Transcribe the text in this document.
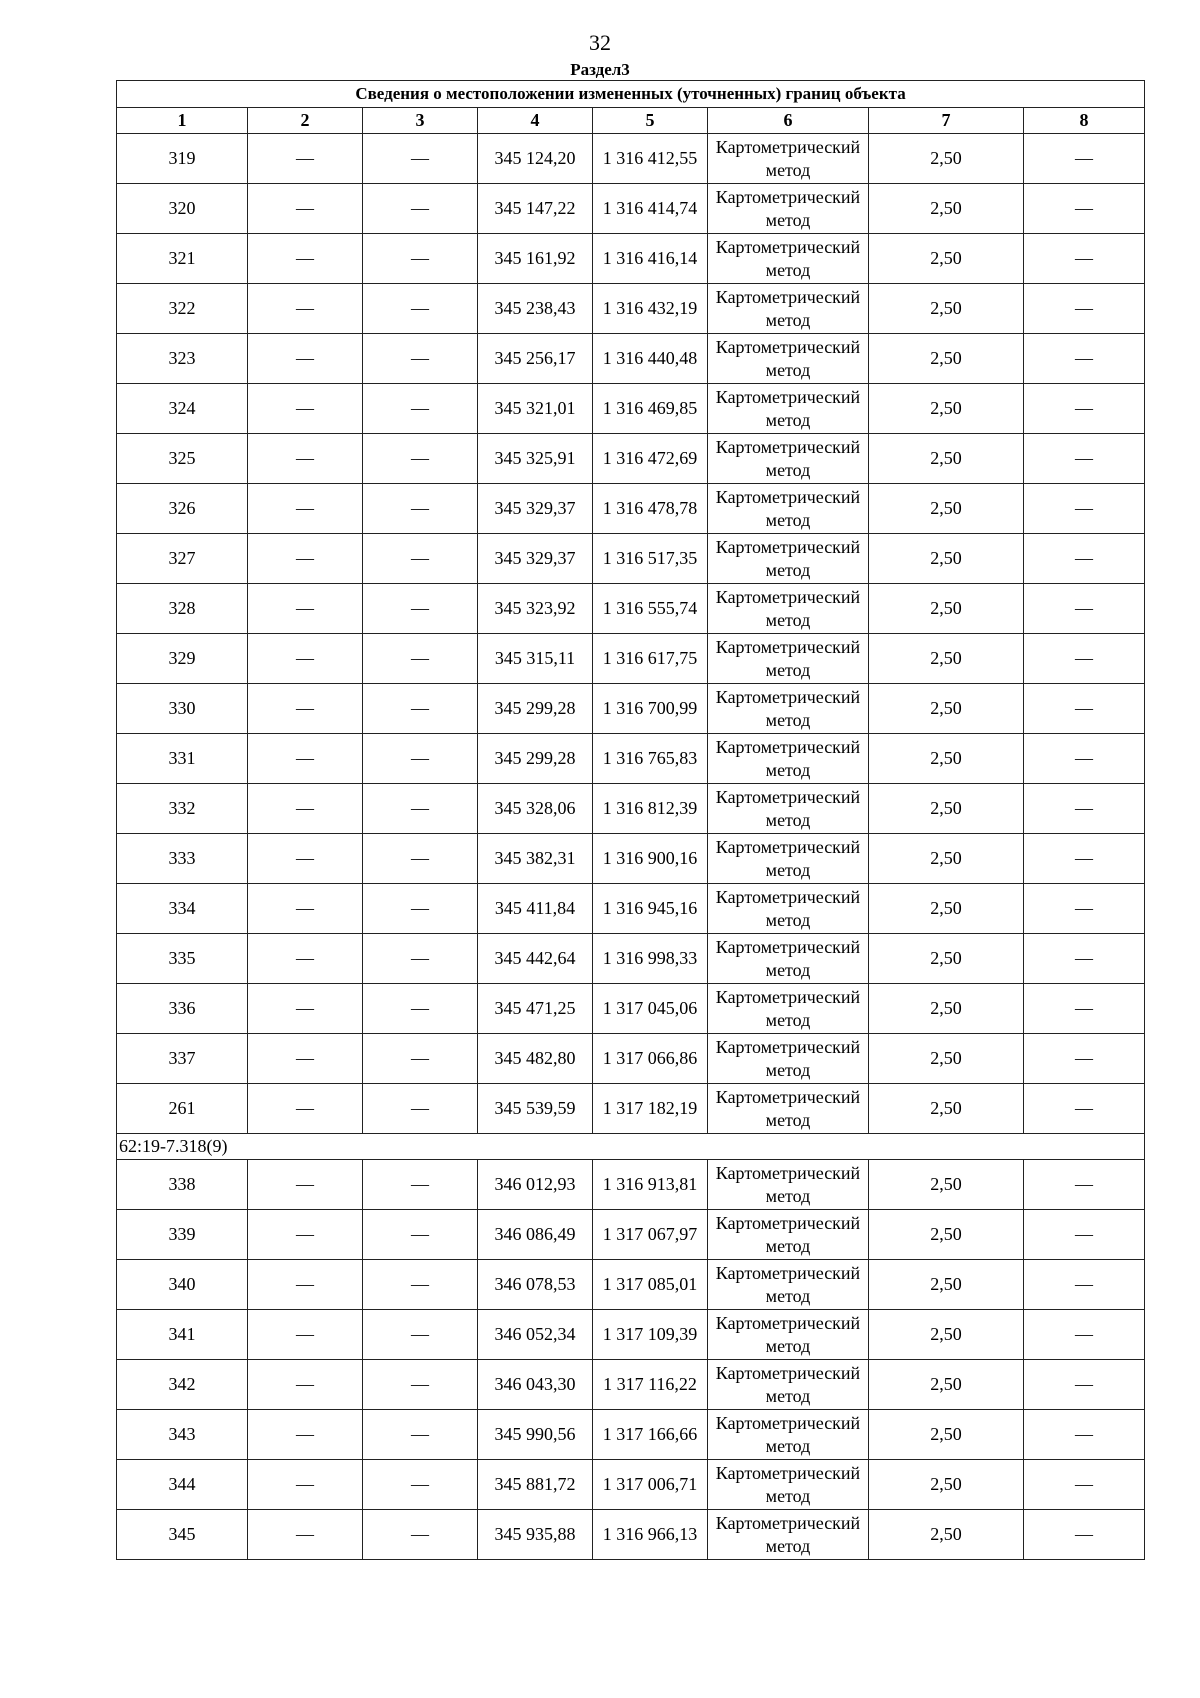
32
Раздел3
Сведения о местоположении измененных (уточненных) границ объекта							
1	2	3	4	5	6	7	8
319	—	—	345 124,20	1 316 412,55	Картометрический метод	2,50	—
320	—	—	345 147,22	1 316 414,74	Картометрический метод	2,50	—
321	—	—	345 161,92	1 316 416,14	Картометрический метод	2,50	—
322	—	—	345 238,43	1 316 432,19	Картометрический метод	2,50	—
323	—	—	345 256,17	1 316 440,48	Картометрический метод	2,50	—
324	—	—	345 321,01	1 316 469,85	Картометрический метод	2,50	—
325	—	—	345 325,91	1 316 472,69	Картометрический метод	2,50	—
326	—	—	345 329,37	1 316 478,78	Картометрический метод	2,50	—
327	—	—	345 329,37	1 316 517,35	Картометрический метод	2,50	—
328	—	—	345 323,92	1 316 555,74	Картометрический метод	2,50	—
329	—	—	345 315,11	1 316 617,75	Картометрический метод	2,50	—
330	—	—	345 299,28	1 316 700,99	Картометрический метод	2,50	—
331	—	—	345 299,28	1 316 765,83	Картометрический метод	2,50	—
332	—	—	345 328,06	1 316 812,39	Картометрический метод	2,50	—
333	—	—	345 382,31	1 316 900,16	Картометрический метод	2,50	—
334	—	—	345 411,84	1 316 945,16	Картометрический метод	2,50	—
335	—	—	345 442,64	1 316 998,33	Картометрический метод	2,50	—
336	—	—	345 471,25	1 317 045,06	Картометрический метод	2,50	—
337	—	—	345 482,80	1 317 066,86	Картометрический метод	2,50	—
261	—	—	345 539,59	1 317 182,19	Картометрический метод	2,50	—
62:19-7.318(9)							
338	—	—	346 012,93	1 316 913,81	Картометрический метод	2,50	—
339	—	—	346 086,49	1 317 067,97	Картометрический метод	2,50	—
340	—	—	346 078,53	1 317 085,01	Картометрический метод	2,50	—
341	—	—	346 052,34	1 317 109,39	Картометрический метод	2,50	—
342	—	—	346 043,30	1 317 116,22	Картометрический метод	2,50	—
343	—	—	345 990,56	1 317 166,66	Картометрический метод	2,50	—
344	—	—	345 881,72	1 317 006,71	Картометрический метод	2,50	—
345	—	—	345 935,88	1 316 966,13	Картометрический метод	2,50	—
